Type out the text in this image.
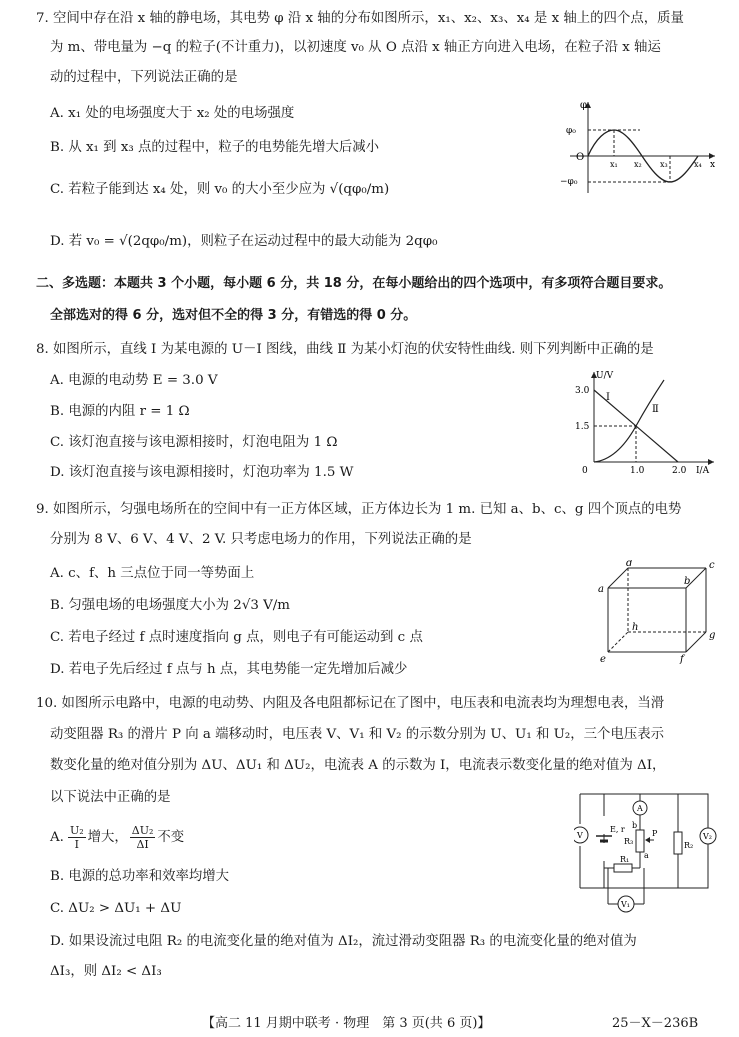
7. 空间中存在沿 x 轴的静电场，其电势 φ 沿 x 轴的分布如图所示，x₁、x₂、x₃、x₄ 是 x 轴上的四个点，质量
为 m、带电量为 −q 的粒子(不计重力)，以初速度 v₀ 从 O 点沿 x 轴正方向进入电场，在粒子沿 x 轴运
动的过程中，下列说法正确的是
A. x₁ 处的电场强度大于 x₂ 处的电场强度
B. 从 x₁ 到 x₃ 点的过程中，粒子的电势能先增大后减小
C. 若粒子能到达 x₄ 处，则 v₀ 的大小至少应为 √(qφ₀/m)
D. 若 v₀ = √(2qφ₀/m)，则粒子在运动过程中的最大动能为 2qφ₀
φ
φ₀
−φ₀
O
x₁ x₂ x₃	x₄ x
二、多选题：本题共 3 个小题，每小题 6 分，共 18 分，在每小题给出的四个选项中，有多项符合题目要求。
全部选对的得 6 分，选对但不全的得 3 分，有错选的得 0 分。
8. 如图所示，直线 Ⅰ 为某电源的 U－I 图线，曲线 Ⅱ 为某小灯泡的伏安特性曲线. 则下列判断中正确的是
A. 电源的电动势 E = 3.0 V
B. 电源的内阻 r = 1 Ω
C. 该灯泡直接与该电源相接时，灯泡电阻为 1 Ω
D. 该灯泡直接与该电源相接时，灯泡功率为 1.5 W
U/V
3.0
1.5
0	1.0	2.0 I/A
Ⅰ
Ⅱ
9. 如图所示，匀强电场所在的空间中有一正方体区域，正方体边长为 1 m. 已知 a、b、c、g 四个顶点的电势
分别为 8 V、6 V、4 V、2 V. 只考虑电场力的作用，下列说法正确的是
A. c、f、h 三点位于同一等势面上
B. 匀强电场的电场强度大小为 2√3 V/m
C. 若电子经过 f 点时速度指向 g 点，则电子有可能运动到 c 点
D. 若电子先后经过 f 点与 h 点，其电势能一定先增加后减少
a
b
c
d
e	f
g
h
10. 如图所示电路中，电源的电动势、内阻及各电阻都标记在了图中，电压表和电流表均为理想电表，当滑
动变阻器 R₃ 的滑片 P 向 a 端移动时，电压表 V、V₁ 和 V₂ 的示数分别为 U、U₁ 和 U₂，三个电压表示
数变化量的绝对值分别为 ΔU、ΔU₁ 和 ΔU₂，电流表 A 的示数为 I，电流表示数变化量的绝对值为 ΔI，
以下说法中正确的是
A. $\frac{\text{U₂}}{I}$ 增大， $\frac{\text{ΔU₂}}{\Delta I}$ 不变
B. 电源的总功率和效率均增大
C. ΔU₂ > ΔU₁ + ΔU
D. 如果设流过电阻 R₂ 的电流变化量的绝对值为 ΔI₂，流过滑动变阻器 R₃ 的电流变化量的绝对值为
ΔI₃，则 ΔI₂ < ΔI₃
V
E, r
A
R₃
b
a
P
R₁
R₂
V₂
V₁
【高二 11 月期中联考 · 物理　第 3 页(共 6 页)】	25－X－236B
